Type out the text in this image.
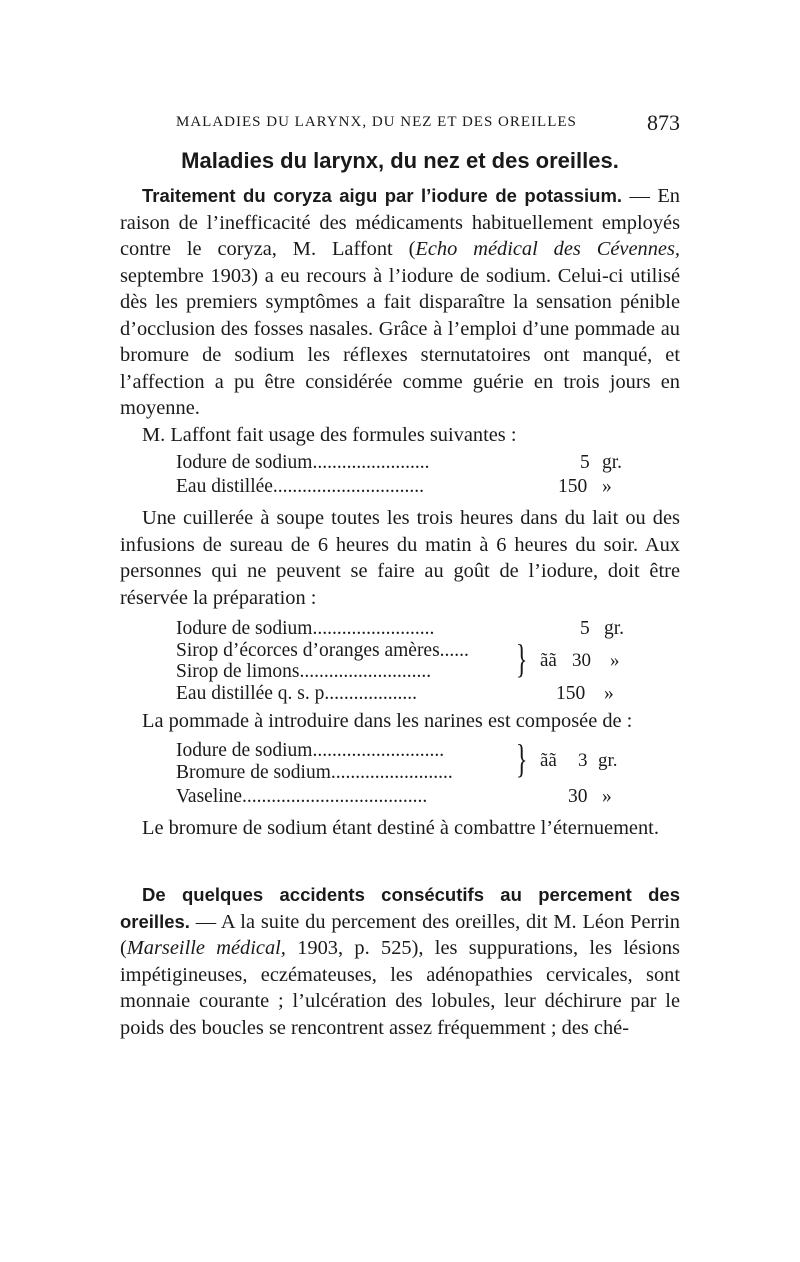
MALADIES DU LARYNX, DU NEZ ET DES OREILLES	873
Maladies du larynx, du nez et des oreilles.
Traitement du coryza aigu par l’iodure de potassium. — En raison de l’inefficacité des médicaments habituellement employés contre le coryza, M. Laffont (Echo médical des Cévennes, septembre 1903) a eu recours à l’iodure de sodium. Celui-ci utilisé dès les premiers symptômes a fait disparaître la sensation pénible d’occlusion des fosses nasales. Grâce à l’emploi d’une pommade au bromure de sodium les réflexes sternutatoires ont manqué, et l’affection a pu être considérée comme guérie en trois jours en moyenne.
M. Laffont fait usage des formules suivantes :
Iodure de sodium........................	5 gr.
Eau distillée...............................	150 »
Une cuillerée à soupe toutes les trois heures dans du lait ou des infusions de sureau de 6 heures du matin à 6 heures du soir. Aux personnes qui ne peuvent se faire au goût de l’iodure, doit être réservée la préparation :
Iodure de sodium.........................	5 gr.
Sirop d’écorces d’oranges amères......
Sirop de limons........................... } ãã 30 »
Eau distillée q. s. p...................	150 »
La pommade à introduire dans les narines est composée de :
Iodure de sodium...........................
Bromure de sodium......................... } ãã 3 gr.
Vaseline......................................	30 »
Le bromure de sodium étant destiné à combattre l’éternuement.
De quelques accidents consécutifs au percement des oreilles. — A la suite du percement des oreilles, dit M. Léon Perrin (Marseille médical, 1903, p. 525), les suppurations, les lésions impétigineuses, eczémateuses, les adénopathies cervicales, sont monnaie courante ; l’ulcération des lobules, leur déchirure par le poids des boucles se rencontrent assez fréquemment ; des ché-
